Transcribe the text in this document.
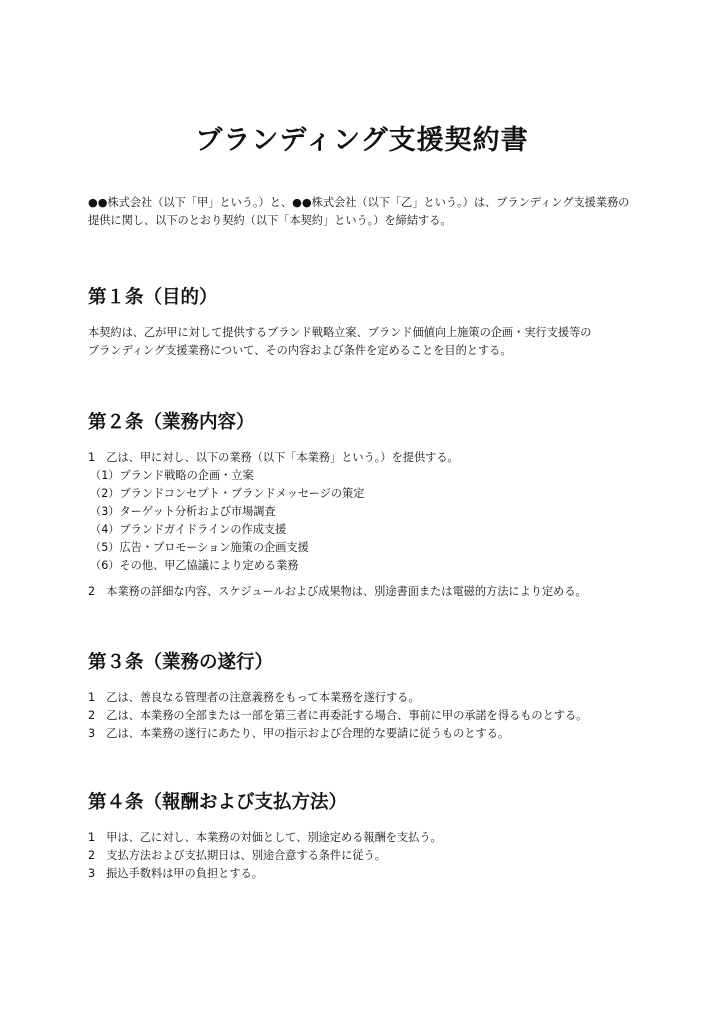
ブランディング支援契約書

●●株式会社（以下「甲」という。）と、●●株式会社（以下「乙」という。）は、ブランディング支援業務の提供に関し、以下のとおり契約（以下「本契約」という。）を締結する。

第１条（目的）

本契約は、乙が甲に対して提供するブランド戦略立案、ブランド価値向上施策の企画・実行支援等の

ブランディング支援業務について、その内容および条件を定めることを目的とする。

第２条（業務内容）

1　乙は、甲に対し、以下の業務（以下「本業務」という。）を提供する。

（1）ブランド戦略の企画・立案

（2）ブランドコンセプト・ブランドメッセージの策定

（3）ターゲット分析および市場調査

（4）ブランドガイドラインの作成支援

（5）広告・プロモーション施策の企画支援

（6）その他、甲乙協議により定める業務

2　本業務の詳細な内容、スケジュールおよび成果物は、別途書面または電磁的方法により定める。

第３条（業務の遂行）

1　乙は、善良なる管理者の注意義務をもって本業務を遂行する。

2　乙は、本業務の全部または一部を第三者に再委託する場合、事前に甲の承諾を得るものとする。

3　乙は、本業務の遂行にあたり、甲の指示および合理的な要請に従うものとする。

第４条（報酬および支払方法）

1　甲は、乙に対し、本業務の対価として、別途定める報酬を支払う。

2　支払方法および支払期日は、別途合意する条件に従う。

3　振込手数料は甲の負担とする。
